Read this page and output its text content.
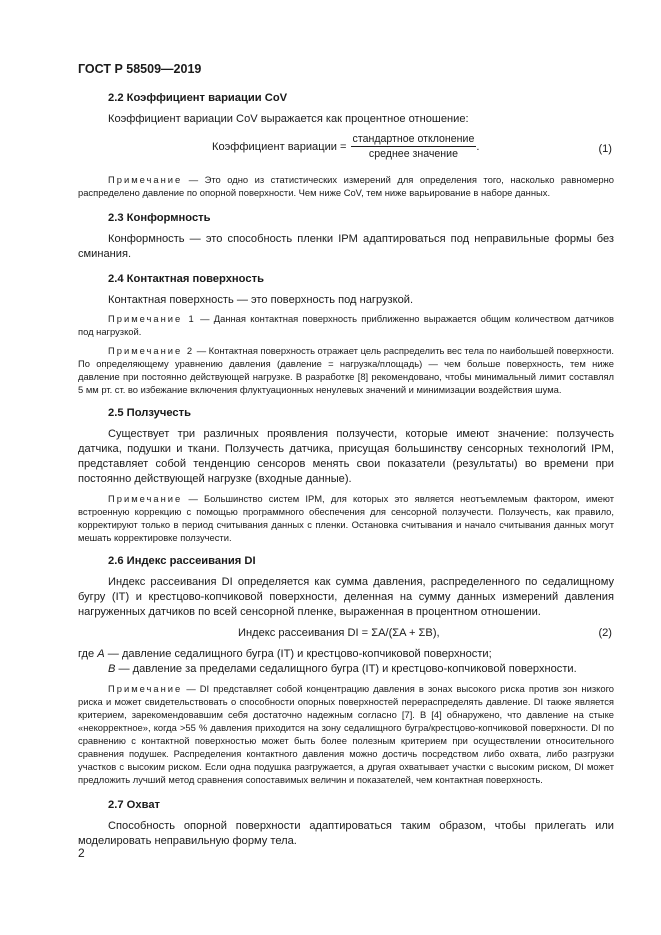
ГОСТ Р 58509—2019

2.2 Коэффициент вариации CoV

Коэффициент вариации CoV выражается как процентное отношение:

Коэффициент вариации = $\frac{\text{стандартное отклонение}}{\text{среднее значение}}$ .	(1)

Примечание — Это одно из статистических измерений для определения того, насколько равномерно распределено давление по опорной поверхности. Чем ниже CoV, тем ниже варьирование в наборе данных.

2.3 Конформность

Конформность — это способность пленки IPM адаптироваться под неправильные формы без сминания.

2.4 Контактная поверхность

Контактная поверхность — это поверхность под нагрузкой.

Примечание 1 — Данная контактная поверхность приближенно выражается общим количеством датчиков под нагрузкой.

Примечание 2 — Контактная поверхность отражает цель распределить вес тела по наибольшей поверхности. По определяющему уравнению давления (давление = нагрузка/площадь) — чем больше поверхность, тем ниже давление при постоянно действующей нагрузке. В разработке [8] рекомендовано, чтобы минимальный лимит составлял 5 мм рт. ст. во избежание включения флуктуационных ненулевых значений и минимизации воздействия шума.

2.5 Ползучесть

Существует три различных проявления ползучести, которые имеют значение: ползучесть датчика, подушки и ткани. Ползучесть датчика, присущая большинству сенсорных технологий IPM, представляет собой тенденцию сенсоров менять свои показатели (результаты) во времени при постоянно действующей нагрузке (входные данные).

Примечание — Большинство систем IPM, для которых это является неотъемлемым фактором, имеют встроенную коррекцию с помощью программного обеспечения для сенсорной ползучести. Ползучесть, как правило, корректируют только в период считывания данных с пленки. Остановка считывания и начало считывания данных могут мешать корректировке ползучести.

2.6 Индекс рассеивания DI

Индекс рассеивания DI определяется как сумма давления, распределенного по седалищному бугру (IT) и крестцово-копчиковой поверхности, деленная на сумму данных измерений давления нагруженных датчиков по всей сенсорной пленке, выраженная в процентном отношении.

Индекс рассеивания DI = ΣA/(ΣA + ΣB),	(2)

где A — давление седалищного бугра (IT) и крестцово-копчиковой поверхности;

B — давление за пределами седалищного бугра (IT) и крестцово-копчиковой поверхности.

Примечание — DI представляет собой концентрацию давления в зонах высокого риска против зон низкого риска и может свидетельствовать о способности опорных поверхностей перераспределять давление. DI также является критерием, зарекомендовавшим себя достаточно надежным согласно [7]. В [4] обнаружено, что давление на стыке «некорректное», когда >55 % давления приходится на зону седалищного бугра/крестцово-копчиковой поверхности. DI по сравнению с контактной поверхностью может быть более полезным критерием при осуществлении относительного сравнения подушек. Распределения контактного давления можно достичь посредством либо охвата, либо разгрузки участков с высоким риском. Если одна подушка разгружается, а другая охватывает участки с высоким риском, DI может предложить лучший метод сравнения сопоставимых величин и показателей, чем контактная поверхность.

2.7 Охват

Способность опорной поверхности адаптироваться таким образом, чтобы прилегать или моделировать неправильную форму тела.

2
